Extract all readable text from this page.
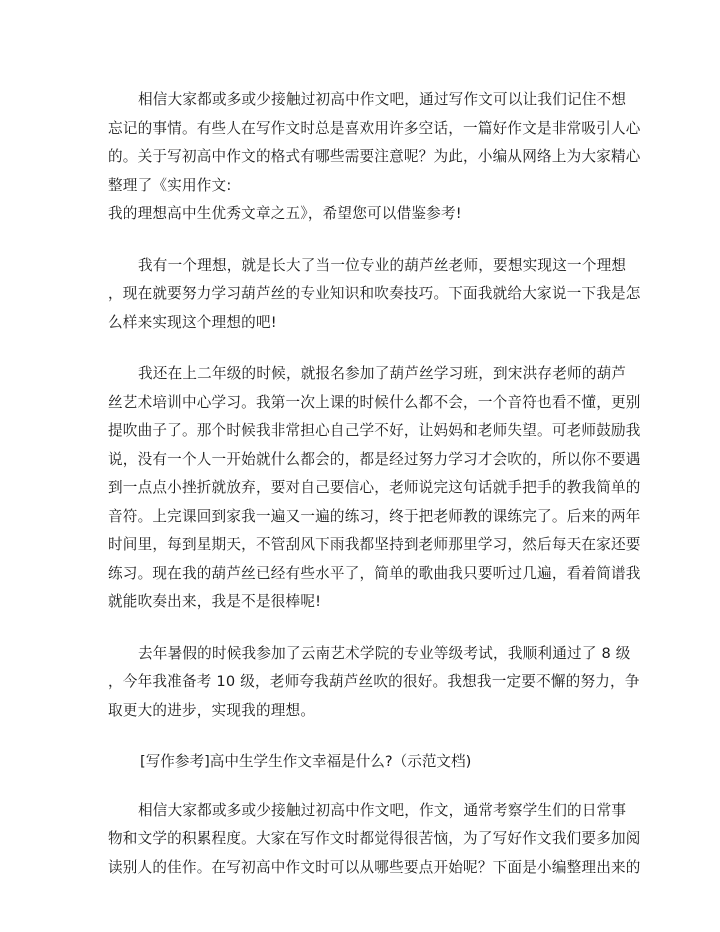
相信大家都或多或少接触过初高中作文吧，通过写作文可以让我们记住不想
忘记的事情。有些人在写作文时总是喜欢用许多空话，一篇好作文是非常吸引人心
的。关于写初高中作文的格式有哪些需要注意呢？为此，小编从网络上为大家精心
整理了《实用作文:
我的理想高中生优秀文章之五》，希望您可以借鉴参考!

我有一个理想，就是长大了当一位专业的葫芦丝老师，要想实现这一个理想
，现在就要努力学习葫芦丝的专业知识和吹奏技巧。下面我就给大家说一下我是怎
么样来实现这个理想的吧!

我还在上二年级的时候，就报名参加了葫芦丝学习班，到宋洪存老师的葫芦
丝艺术培训中心学习。我第一次上课的时候什么都不会，一个音符也看不懂，更别
提吹曲子了。那个时候我非常担心自己学不好，让妈妈和老师失望。可老师鼓励我
说，没有一个人一开始就什么都会的，都是经过努力学习才会吹的，所以你不要遇
到一点点小挫折就放弃，要对自己要信心，老师说完这句话就手把手的教我简单的
音符。上完课回到家我一遍又一遍的练习，终于把老师教的课练完了。后来的两年
时间里，每到星期天，不管刮风下雨我都坚持到老师那里学习，然后每天在家还要
练习。现在我的葫芦丝已经有些水平了，简单的歌曲我只要听过几遍，看着简谱我
就能吹奏出来，我是不是很棒呢!

去年暑假的时候我参加了云南艺术学院的专业等级考试，我顺利通过了 8 级
，今年我准备考 10 级，老师夸我葫芦丝吹的很好。我想我一定要不懈的努力，争
取更大的进步，实现我的理想。

[写作参考]高中生学生作文幸福是什么?（示范文档)

相信大家都或多或少接触过初高中作文吧，作文，通常考察学生们的日常事
物和文学的积累程度。大家在写作文时都觉得很苦恼，为了写好作文我们要多加阅
读别人的佳作。在写初高中作文时可以从哪些要点开始呢？下面是小编整理出来的
